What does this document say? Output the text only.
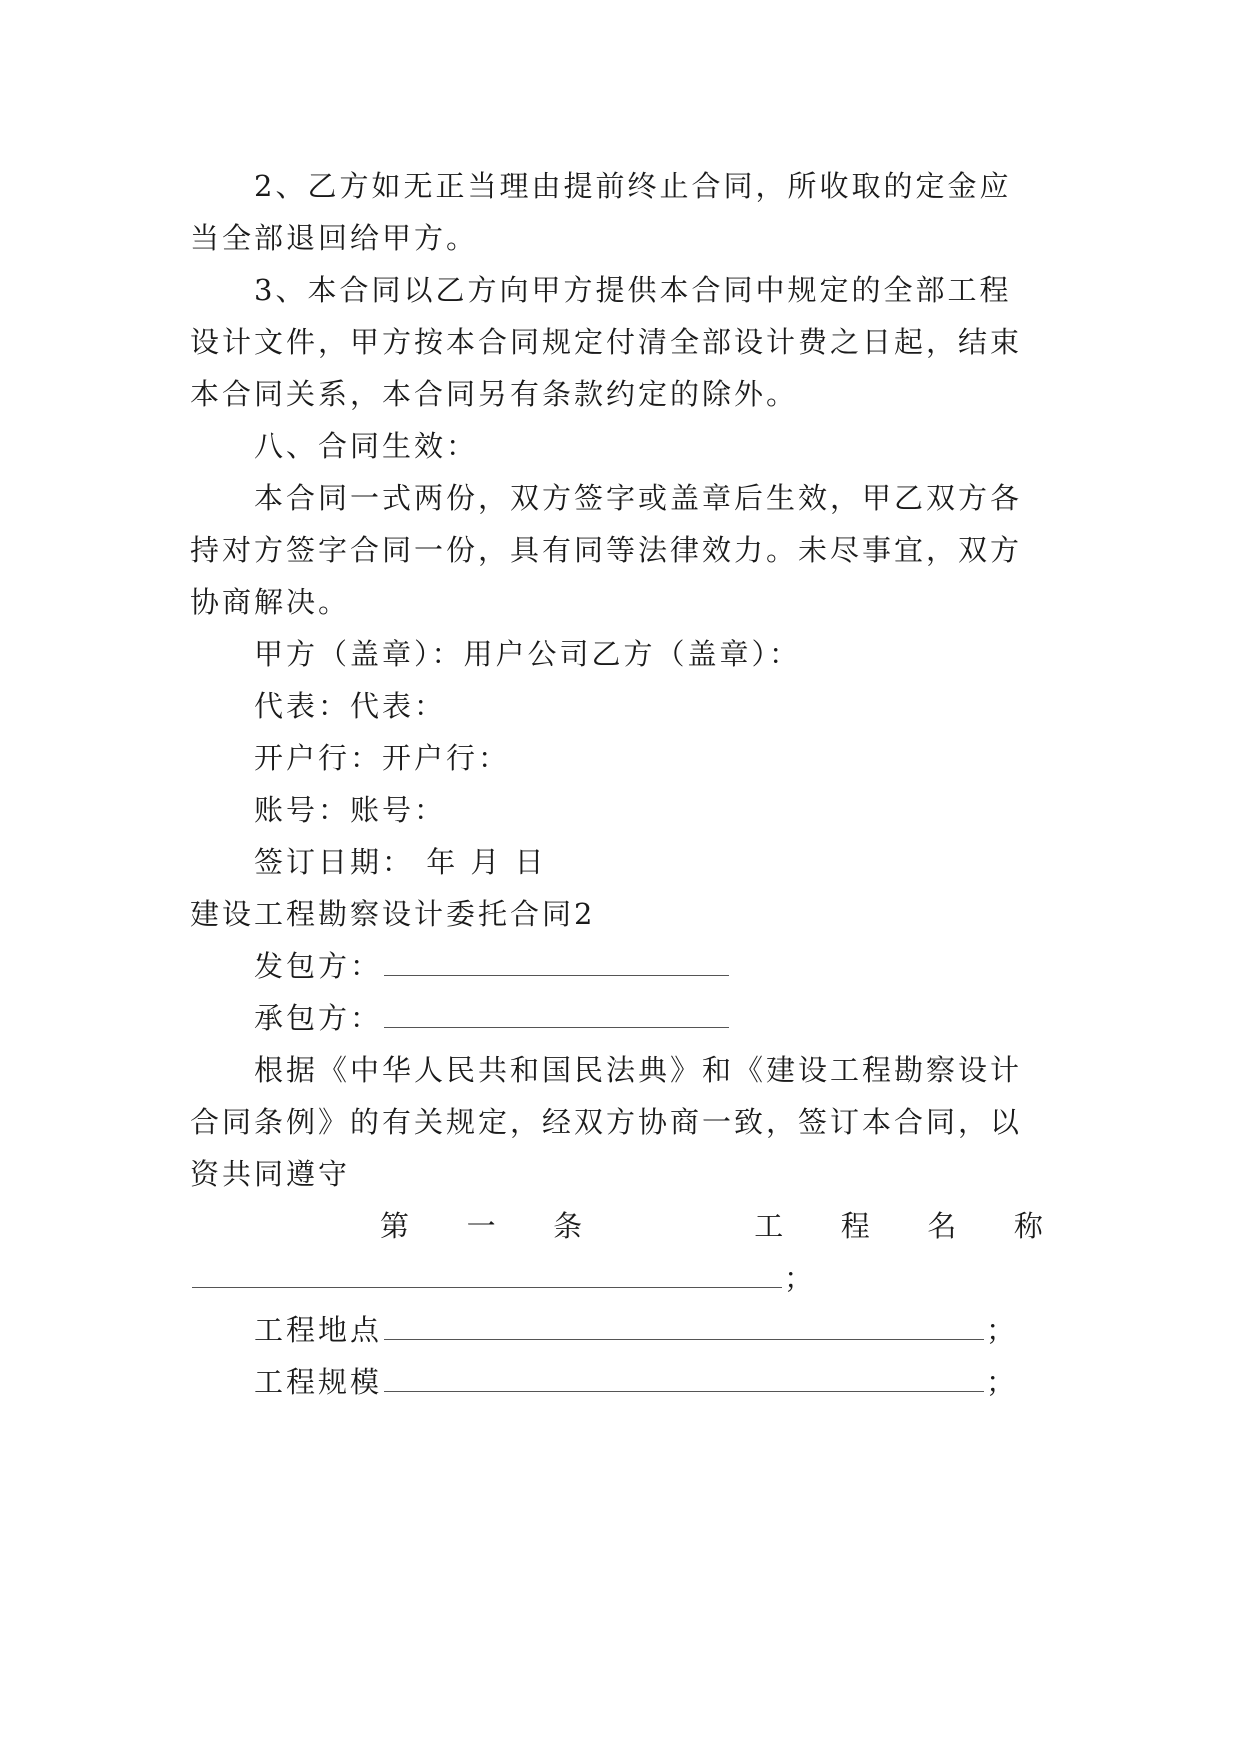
2、乙方如无正当理由提前终止合同，所收取的定金应
当全部退回给甲方。
3、本合同以乙方向甲方提供本合同中规定的全部工程
设计文件，甲方按本合同规定付清全部设计费之日起，结束
本合同关系，本合同另有条款约定的除外。
八、合同生效：
本合同一式两份，双方签字或盖章后生效，甲乙双方各
持对方签字合同一份，具有同等法律效力。未尽事宜，双方
协商解决。
甲方（盖章）：用户公司乙方（盖章）：
代表：代表：
开户行：开户行：
账号：账号：
签订日期： 年 月 日
建设工程勘察设计委托合同2
发包方：
承包方：
根据《中华人民共和国民法典》和《建设工程勘察设计
合同条例》的有关规定，经双方协商一致，签订本合同，以
资共同遵守
第 一 条	工 程 名 称
；
工程地点	；
工程规模	；
